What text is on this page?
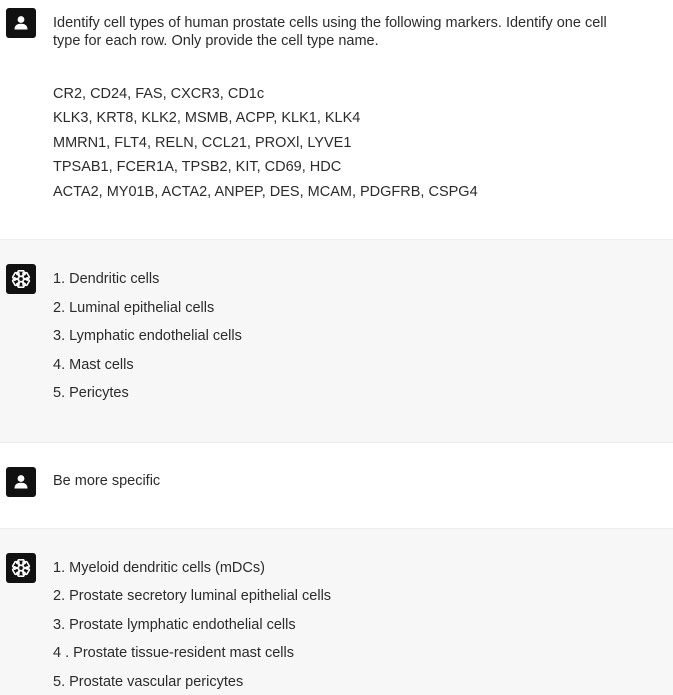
Identify cell types of human prostate cells using the following markers. Identify one cell
type for each row. Only provide the cell type name.
CR2, CD24, FAS, CXCR3, CD1c
KLK3, KRT8, KLK2, MSMB, ACPP, KLK1, KLK4
MMRN1, FLT4, RELN, CCL21, PROXl, LYVE1
TPSAB1, FCER1A, TPSB2, KIT, CD69, HDC
ACTA2, MY01B, ACTA2, ANPEP, DES, MCAM, PDGFRB, CSPG4
1. Dendritic cells
2. Luminal epithelial cells
3. Lymphatic endothelial cells
4. Mast cells
5. Pericytes
Be more specific
1. Myeloid dendritic cells (mDCs)
2. Prostate secretory luminal epithelial cells
3. Prostate lymphatic endothelial cells
4 . Prostate tissue-resident mast cells
5. Prostate vascular pericytes
